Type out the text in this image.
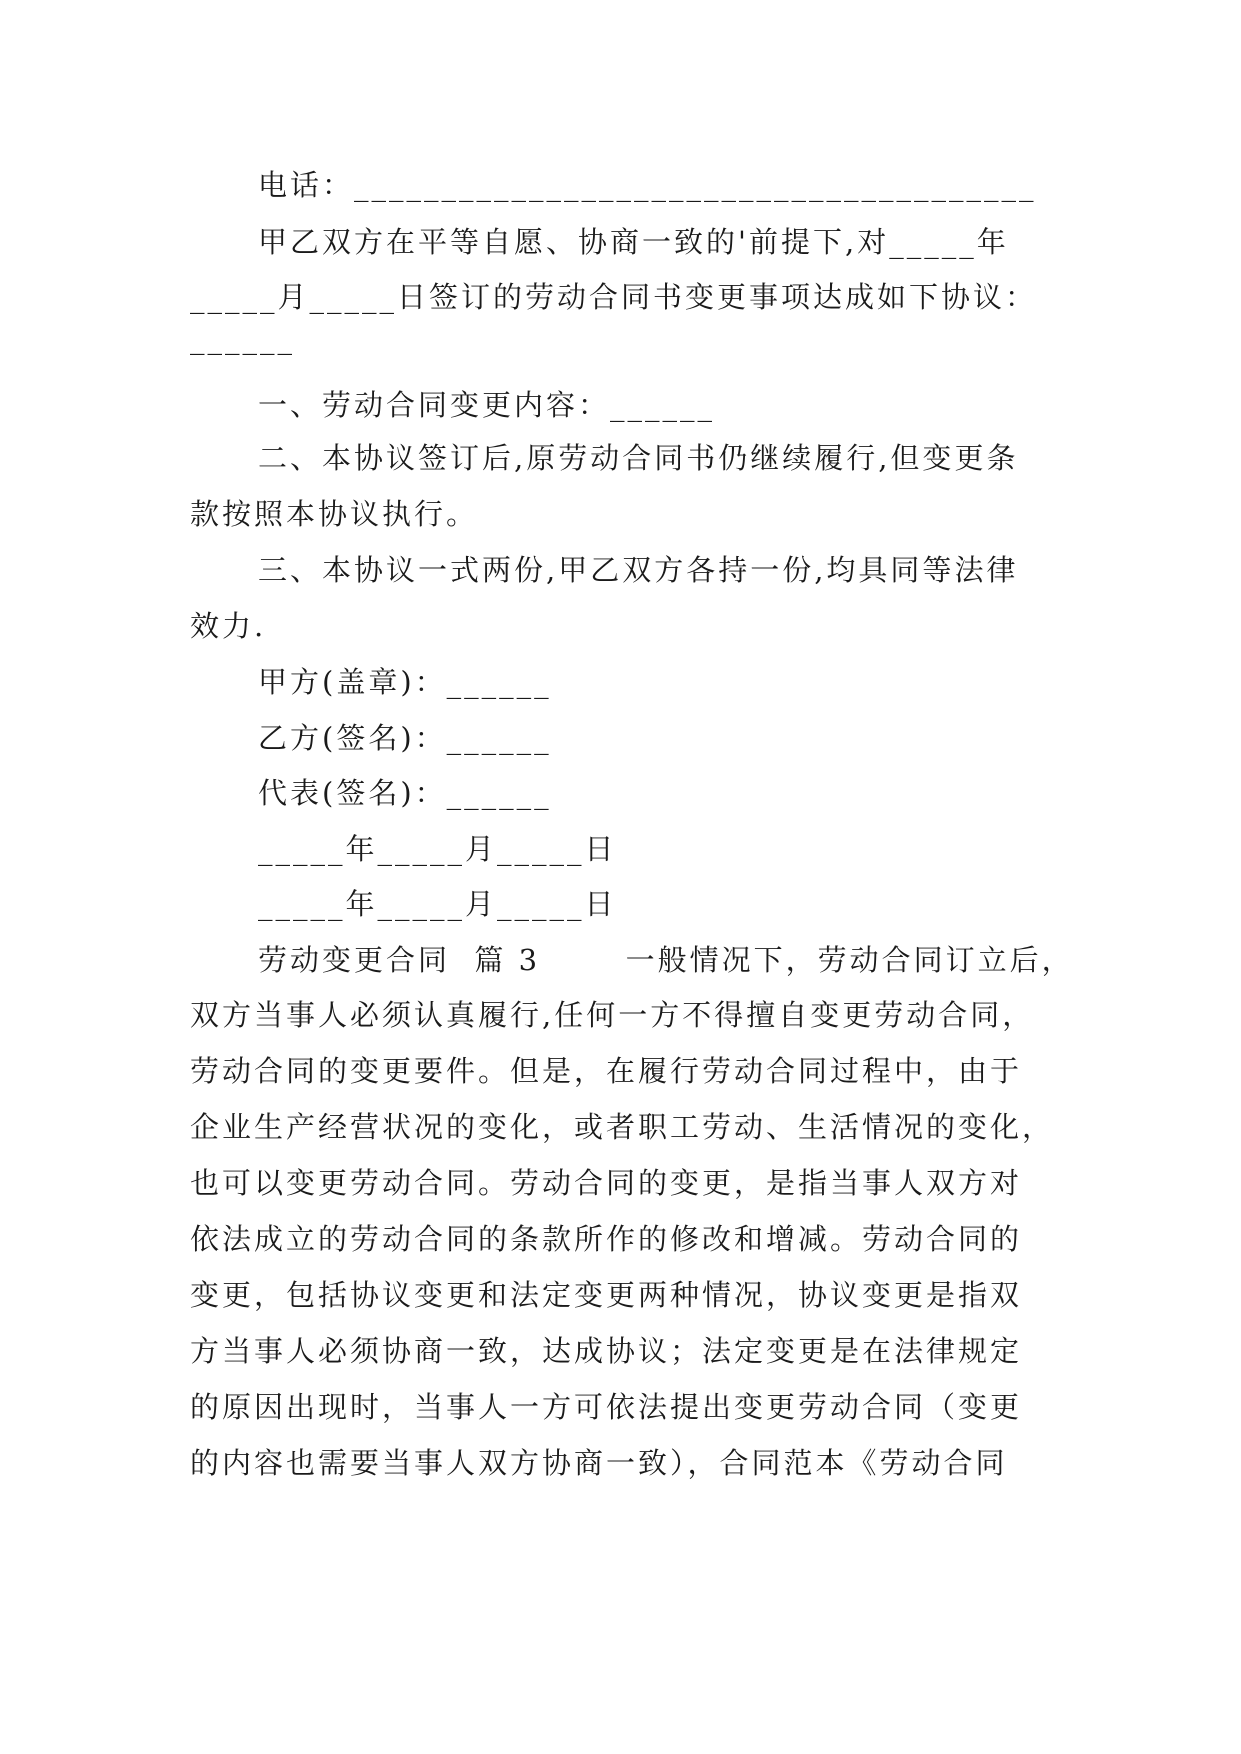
电话：_______________________________________
甲乙双方在平等自愿、协商一致的'前提下,对_____年
_____月_____日签订的劳动合同书变更事项达成如下协议：
______
一、劳动合同变更内容：______
二、本协议签订后,原劳动合同书仍继续履行,但变更条
款按照本协议执行。
三、本协议一式两份,甲乙双方各持一份,均具同等法律
效力.
甲方(盖章)：______
乙方(签名)：______
代表(签名)：______
_____年_____月_____日
_____年_____月_____日
劳动变更合同  篇 3       一般情况下，劳动合同订立后，
双方当事人必须认真履行,任何一方不得擅自变更劳动合同，
劳动合同的变更要件。但是，在履行劳动合同过程中，由于
企业生产经营状况的变化，或者职工劳动、生活情况的变化，
也可以变更劳动合同。劳动合同的变更，是指当事人双方对
依法成立的劳动合同的条款所作的修改和增减。劳动合同的
变更，包括协议变更和法定变更两种情况，协议变更是指双
方当事人必须协商一致，达成协议；法定变更是在法律规定
的原因出现时，当事人一方可依法提出变更劳动合同（变更
的内容也需要当事人双方协商一致），合同范本《劳动合同
